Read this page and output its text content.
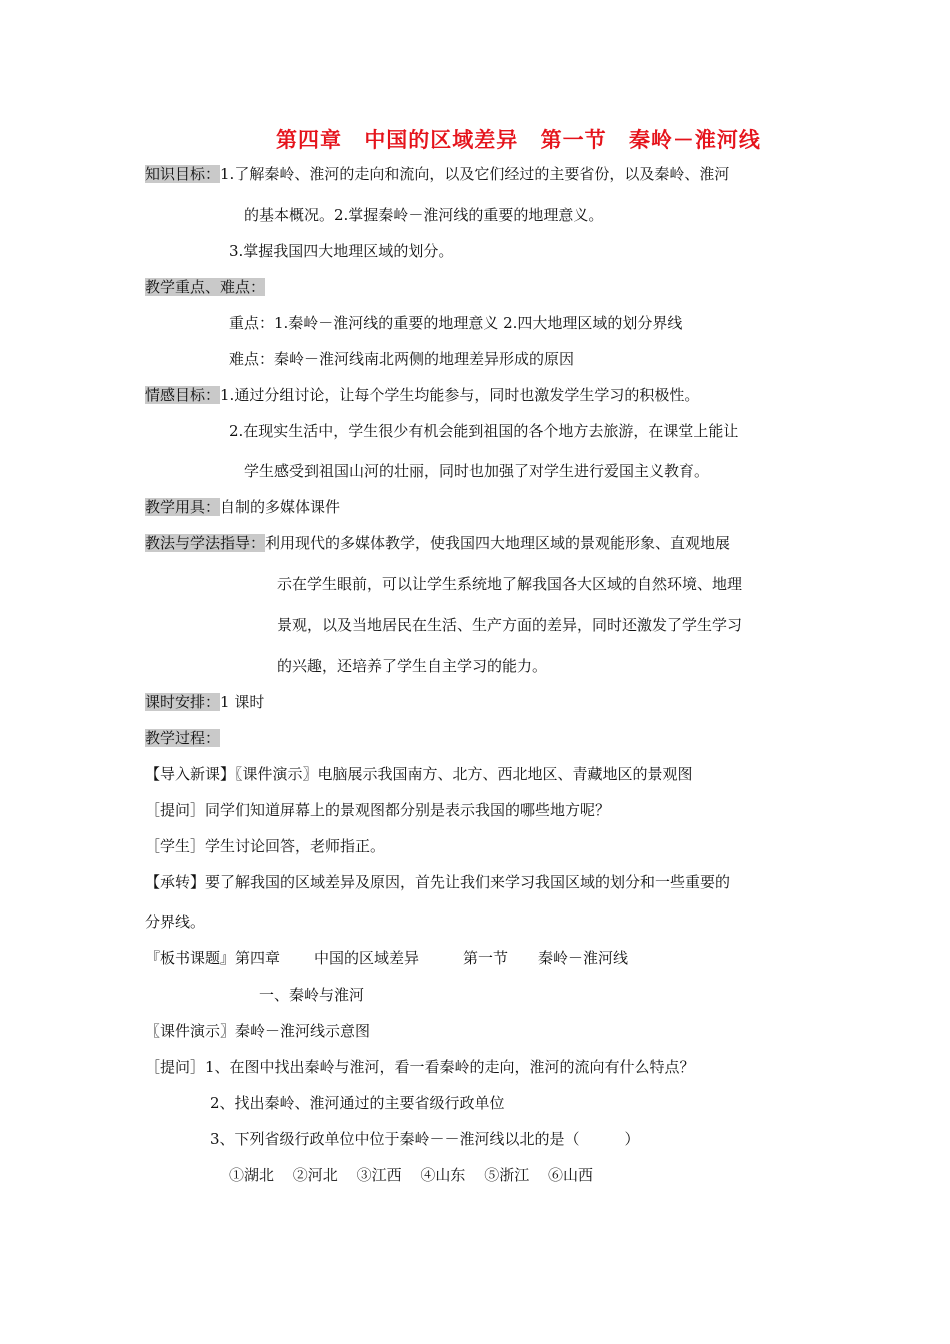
第四章 中国的区域差异 第一节 秦岭－淮河线
知识目标：1.了解秦岭、淮河的走向和流向，以及它们经过的主要省份，以及秦岭、淮河
的基本概况。2.掌握秦岭－淮河线的重要的地理意义。
3.掌握我国四大地理区域的划分。
教学重点、难点：
重点：1.秦岭－淮河线的重要的地理意义 2.四大地理区域的划分界线
难点：秦岭－淮河线南北两侧的地理差异形成的原因
情感目标：1.通过分组讨论，让每个学生均能参与，同时也激发学生学习的积极性。
2.在现实生活中，学生很少有机会能到祖国的各个地方去旅游，在课堂上能让
学生感受到祖国山河的壮丽，同时也加强了对学生进行爱国主义教育。
教学用具：自制的多媒体课件
教法与学法指导：利用现代的多媒体教学，使我国四大地理区域的景观能形象、直观地展
示在学生眼前，可以让学生系统地了解我国各大区域的自然环境、地理
景观，以及当地居民在生活、生产方面的差异，同时还激发了学生学习
的兴趣，还培养了学生自主学习的能力。
课时安排：1 课时
教学过程：
【导入新课】〖课件演示〗电脑展示我国南方、北方、西北地区、青藏地区的景观图
［提问］同学们知道屏幕上的景观图都分别是表示我国的哪些地方呢？
［学生］学生讨论回答，老师指正。
【承转】要了解我国的区域差异及原因，首先让我们来学习我国区域的划分和一些重要的
分界线。
『板书课题』第四章 中国的区域差异	第一节 秦岭－淮河线
一、秦岭与淮河
〖课件演示〗秦岭－淮河线示意图
［提问］1、在图中找出秦岭与淮河，看一看秦岭的走向，淮河的流向有什么特点？
2、找出秦岭、淮河通过的主要省级行政单位
3、下列省级行政单位中位于秦岭－－淮河线以北的是（　　　）
①湖北 ②河北 ③江西 ④山东 ⑤浙江 ⑥山西
